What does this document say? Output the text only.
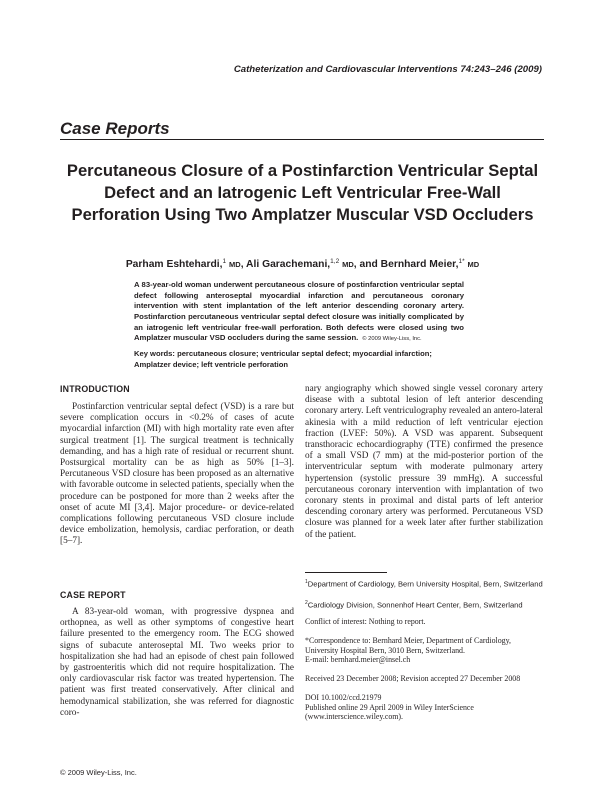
Catheterization and Cardiovascular Interventions 74:243–246 (2009)
Case Reports
Percutaneous Closure of a Postinfarction Ventricular Septal Defect and an Iatrogenic Left Ventricular Free-Wall Perforation Using Two Amplatzer Muscular VSD Occluders
Parham Eshtehardi,$^1$ MD, Ali Garachemani,$^{1,2}$ MD, and Bernhard Meier,$^{1*}$ MD
A 83-year-old woman underwent percutaneous closure of postinfarction ventricular septal defect following anteroseptal myocardial infarction and percutaneous coronary intervention with stent implantation of the left anterior descending coronary artery. Postinfarction percutaneous ventricular septal defect closure was initially complicated by an iatrogenic left ventricular free-wall perforation. Both defects were closed using two Amplatzer muscular VSD occluders during the same session. © 2009 Wiley-Liss, Inc.
Key words: percutaneous closure; ventricular septal defect; myocardial infarction; Amplatzer device; left ventricle perforation
INTRODUCTION

Postinfarction ventricular septal defect (VSD) is a rare but severe complication occurs in <0.2% of cases of acute myocardial infarction (MI) with high mortality rate even after surgical treatment [1]. The surgical treatment is technically demanding, and has a high rate of residual or recurrent shunt. Postsurgical mortality can be as high as 50% [1–3]. Percutaneous VSD closure has been proposed as an alternative with favorable outcome in selected patients, specially when the procedure can be postponed for more than 2 weeks after the onset of acute MI [3,4]. Major procedure- or device-related complications following percutaneous VSD closure include device embolization, hemolysis, cardiac perforation, or death [5–7].

CASE REPORT

A 83-year-old woman, with progressive dyspnea and orthopnea, as well as other symptoms of congestive heart failure presented to the emergency room. The ECG showed signs of subacute anteroseptal MI. Two weeks prior to hospitalization she had had an episode of chest pain followed by gastroenteritis which did not require hospitalization. The only cardiovascular risk factor was treated hypertension. The patient was first treated conservatively. After clinical and hemodynamical stabilization, she was referred for diagnostic coro-

nary angiography which showed single vessel coronary artery disease with a subtotal lesion of left anterior descending coronary artery. Left ventriculography revealed an antero-lateral akinesia with a mild reduction of left ventricular ejection fraction (LVEF: 50%). A VSD was apparent. Subsequent transthoracic echocardiography (TTE) confirmed the presence of a small VSD (7 mm) at the mid-posterior portion of the interventricular septum with moderate pulmonary artery hypertension (systolic pressure 39 mmHg). A successful percutaneous coronary intervention with implantation of two coronary stents in proximal and distal parts of left anterior descending coronary artery was performed. Percutaneous VSD closure was planned for a week later after further stabilization of the patient.

$^1$Department of Cardiology, Bern University Hospital, Bern, Switzerland
$^2$Cardiology Division, Sonnenhof Heart Center, Bern, Switzerland
Conflict of interest: Nothing to report.
*Correspondence to: Bernhard Meier, Department of Cardiology, University Hospital Bern, 3010 Bern, Switzerland.
E-mail: bernhard.meier@insel.ch
Received 23 December 2008; Revision accepted 27 December 2008
DOI 10.1002/ccd.21979
Published online 29 April 2009 in Wiley InterScience (www.interscience.wiley.com).
© 2009 Wiley-Liss, Inc.
